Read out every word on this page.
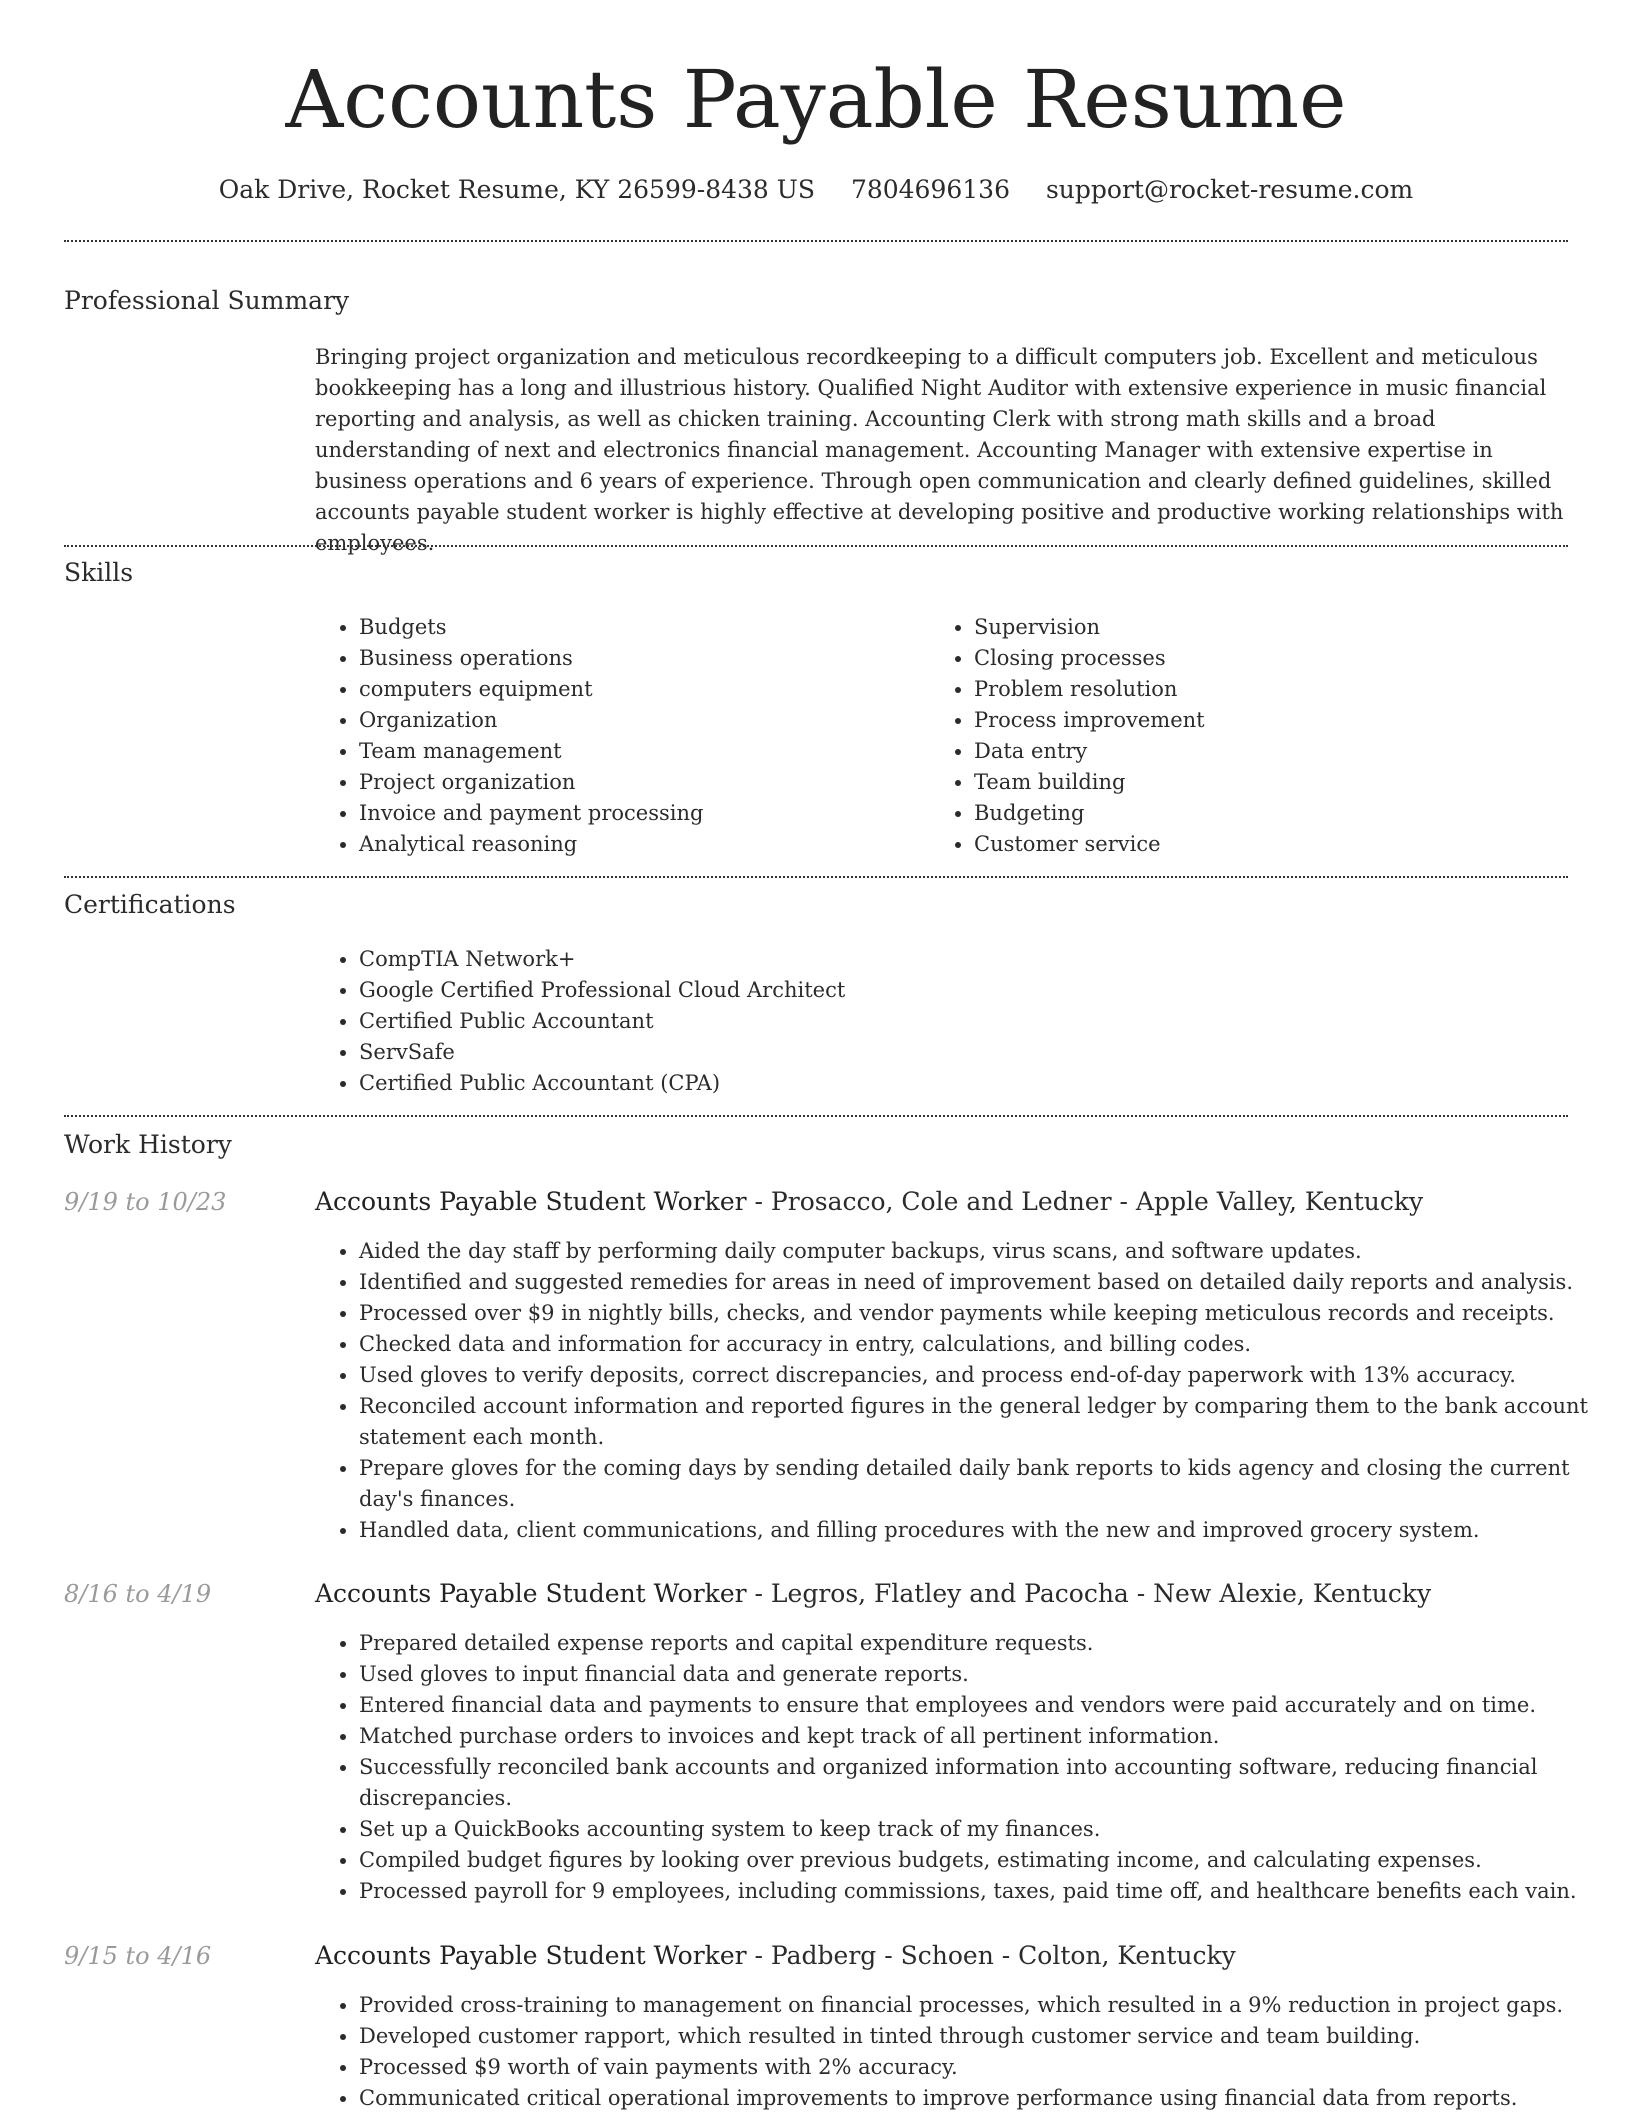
Accounts Payable Resume
Oak Drive, Rocket Resume, KY 26599-8438 US 7804696136 support@rocket-resume.com
Professional Summary

Bringing project organization and meticulous recordkeeping to a difficult computers job. Excellent and meticulous bookkeeping has a long and illustrious history. Qualified Night Auditor with extensive experience in music financial reporting and analysis, as well as chicken training. Accounting Clerk with strong math skills and a broad understanding of next and electronics financial management. Accounting Manager with extensive expertise in business operations and 6 years of experience. Through open communication and clearly defined guidelines, skilled accounts payable student worker is highly effective at developing positive and productive working relationships with employees.

Skills
• Budgets
• Business operations
• computers equipment
• Organization
• Team management
• Project organization
• Invoice and payment processing
• Analytical reasoning
• Supervision
• Closing processes
• Problem resolution
• Process improvement
• Data entry
• Team building
• Budgeting
• Customer service
Certifications
• CompTIA Network+
• Google Certified Professional Cloud Architect
• Certified Public Accountant
• ServSafe
• Certified Public Accountant (CPA)
Work History
9/19 to 10/23	Accounts Payable Student Worker - Prosacco, Cole and Ledner - Apple Valley, Kentucky
• Aided the day staff by performing daily computer backups, virus scans, and software updates.
• Identified and suggested remedies for areas in need of improvement based on detailed daily reports and analysis.
• Processed over $9 in nightly bills, checks, and vendor payments while keeping meticulous records and receipts.
• Checked data and information for accuracy in entry, calculations, and billing codes.
• Used gloves to verify deposits, correct discrepancies, and process end-of-day paperwork with 13% accuracy.
• Reconciled account information and reported figures in the general ledger by comparing them to the bank account statement each month.
• Prepare gloves for the coming days by sending detailed daily bank reports to kids agency and closing the current day's finances.
• Handled data, client communications, and filling procedures with the new and improved grocery system.
8/16 to 4/19	Accounts Payable Student Worker - Legros, Flatley and Pacocha - New Alexie, Kentucky
• Prepared detailed expense reports and capital expenditure requests.
• Used gloves to input financial data and generate reports.
• Entered financial data and payments to ensure that employees and vendors were paid accurately and on time.
• Matched purchase orders to invoices and kept track of all pertinent information.
• Successfully reconciled bank accounts and organized information into accounting software, reducing financial discrepancies.
• Set up a QuickBooks accounting system to keep track of my finances.
• Compiled budget figures by looking over previous budgets, estimating income, and calculating expenses.
• Processed payroll for 9 employees, including commissions, taxes, paid time off, and healthcare benefits each vain.
9/15 to 4/16	Accounts Payable Student Worker - Padberg - Schoen - Colton, Kentucky
• Provided cross-training to management on financial processes, which resulted in a 9% reduction in project gaps.
• Developed customer rapport, which resulted in tinted through customer service and team building.
• Processed $9 worth of vain payments with 2% accuracy.
• Communicated critical operational improvements to improve performance using financial data from reports.
